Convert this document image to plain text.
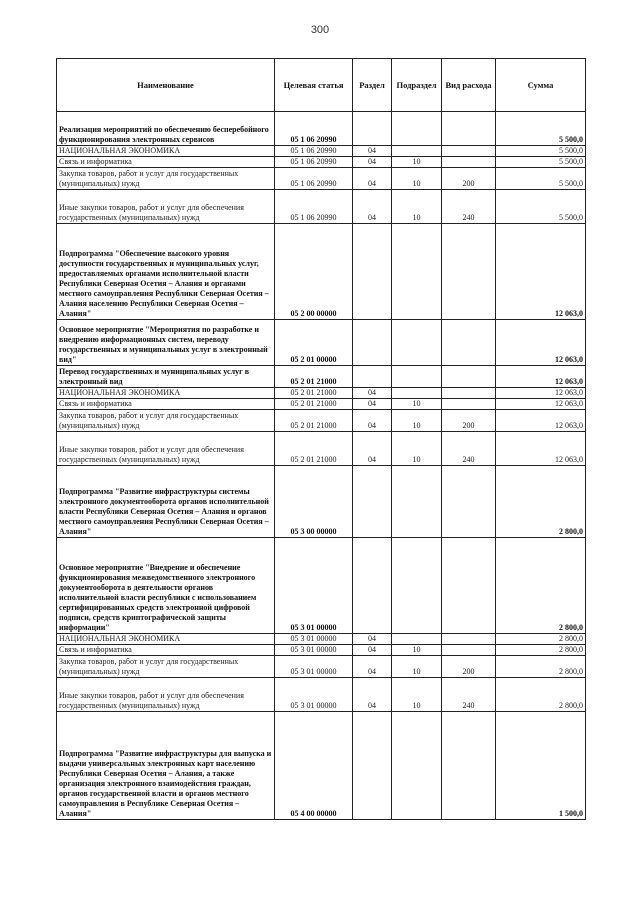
300
Наименование	Целевая статья	Раздел	Подраздел	Вид расхода	Сумма
Реализация мероприятий по обеспечению бесперебойного функционирования электронных сервисов	05 1 06 20990				5 500,0
НАЦИОНАЛЬНАЯ ЭКОНОМИКА	05 1 06 20990	04			5 500,0
Связь и информатика	05 1 06 20990	04	10		5 500,0
Закупка товаров, работ и услуг для государственных (муниципальных) нужд	05 1 06 20990	04	10	200	5 500,0
Иные закупки товаров, работ и услуг для обеспечения государственных (муниципальных) нужд	05 1 06 20990	04	10	240	5 500,0
Подпрограмма "Обеспечение высокого уровня доступности государственных и муниципальных услуг, предоставляемых органами исполнительной власти Республики Северная Осетия – Алания и органами местного самоуправления Республики Северная Осетия – Алания населению Республики Северная Осетия – Алания"	05 2 00 00000				12 063,0
Основное мероприятие "Мероприятия по разработке и внедрению информационных систем, переводу государственных и муниципальных услуг в электронный вид"	05 2 01 00000				12 063,0
Перевод государственных и муниципальных услуг в электронный вид	05 2 01 21000				12 063,0
НАЦИОНАЛЬНАЯ ЭКОНОМИКА	05 2 01 21000	04			12 063,0
Связь и информатика	05 2 01 21000	04	10		12 063,0
Закупка товаров, работ и услуг для государственных (муниципальных) нужд	05 2 01 21000	04	10	200	12 063,0
Иные закупки товаров, работ и услуг для обеспечения государственных (муниципальных) нужд	05 2 01 21000	04	10	240	12 063,0
Подпрограмма "Развитие инфраструктуры системы электронного документооборота органов исполнительной власти Республики Северная Осетия – Алания и органов местного самоуправления Республики Северная Осетия – Алания"	05 3 00 00000				2 800,0
Основное мероприятие "Внедрение и обеспечение функционирования межведомственного электронного документооборота в деятельности органов исполнительной власти республики с использованием сертифицированных средств электронной цифровой подписи, средств криптографической защиты информации"	05 3 01 00000				2 800,0
НАЦИОНАЛЬНАЯ ЭКОНОМИКА	05 3 01 00000	04			2 800,0
Связь и информатика	05 3 01 00000	04	10		2 800,0
Закупка товаров, работ и услуг для государственных (муниципальных) нужд	05 3 01 00000	04	10	200	2 800,0
Иные закупки товаров, работ и услуг для обеспечения государственных (муниципальных) нужд	05 3 01 00000	04	10	240	2 800,0
Подпрограмма "Развитие инфраструктуры для выпуска и выдачи универсальных электронных карт населению Республики Северная Осетия – Алания, а также организация электронного взаимодействия граждан, органов государственной власти и органов местного самоуправления в Республике Северная Осетия – Алания"	05 4 00 00000				1 500,0
